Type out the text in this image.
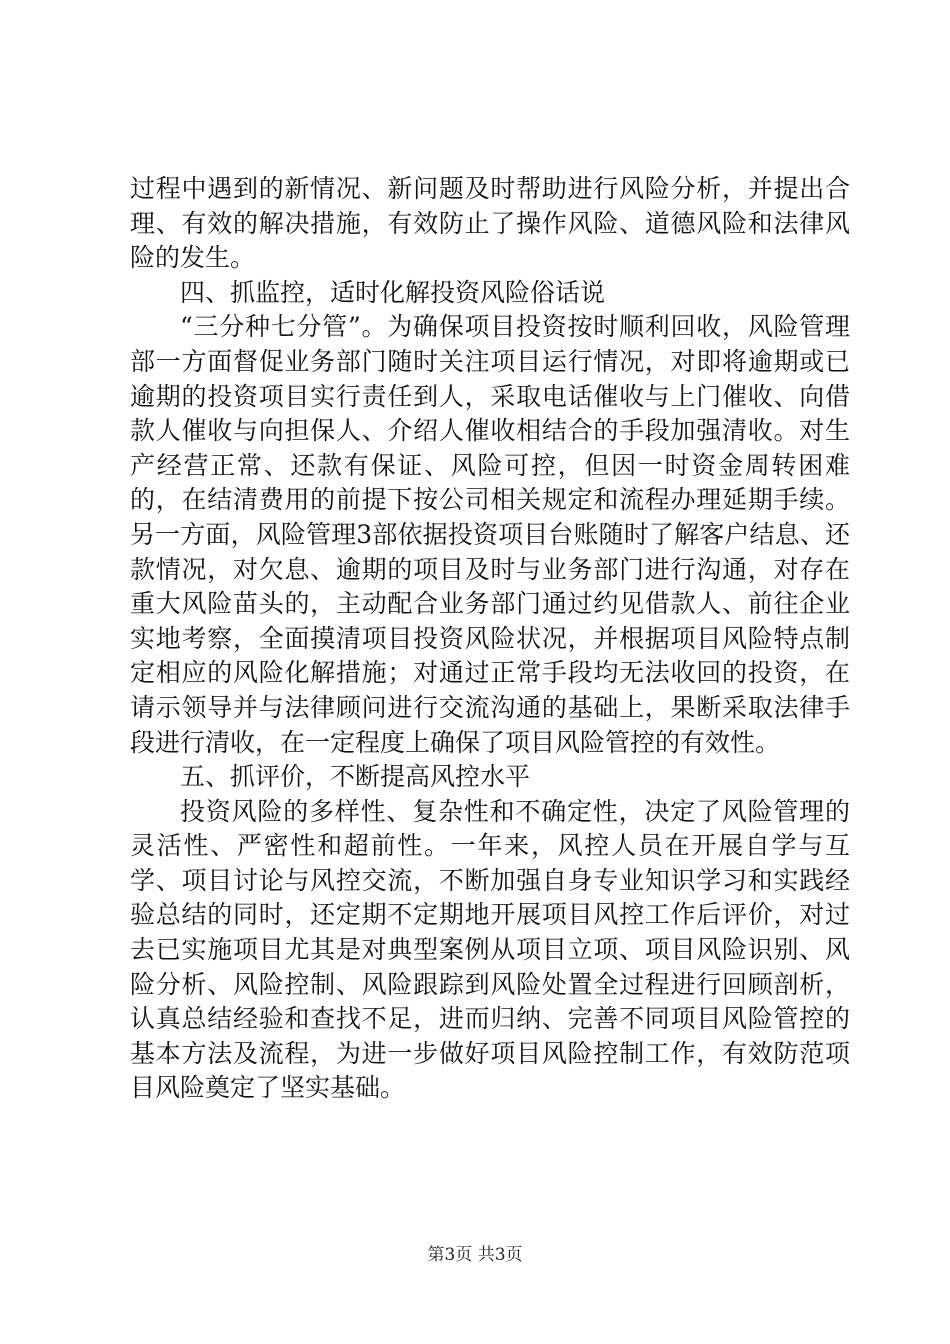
过程中遇到的新情况、新问题及时帮助进行风险分析，并提出合理、有效的解决措施，有效防止了操作风险、道德风险和法律风险的发生。

四、抓监控，适时化解投资风险俗话说

“三分种七分管”。为确保项目投资按时顺利回收，风险管理部一方面督促业务部门随时关注项目运行情况，对即将逾期或已逾期的投资项目实行责任到人，采取电话催收与上门催收、向借款人催收与向担保人、介绍人催收相结合的手段加强清收。对生产经营正常、还款有保证、风险可控，但因一时资金周转困难的，在结清费用的前提下按公司相关规定和流程办理延期手续。另一方面，风险管理3部依据投资项目台账随时了解客户结息、还款情况，对欠息、逾期的项目及时与业务部门进行沟通，对存在重大风险苗头的，主动配合业务部门通过约见借款人、前往企业实地考察，全面摸清项目投资风险状况，并根据项目风险特点制定相应的风险化解措施；对通过正常手段均无法收回的投资，在请示领导并与法律顾问进行交流沟通的基础上，果断采取法律手段进行清收，在一定程度上确保了项目风险管控的有效性。

五、抓评价，不断提高风控水平

投资风险的多样性、复杂性和不确定性，决定了风险管理的灵活性、严密性和超前性。一年来，风控人员在开展自学与互学、项目讨论与风控交流，不断加强自身专业知识学习和实践经验总结的同时，还定期不定期地开展项目风控工作后评价，对过去已实施项目尤其是对典型案例从项目立项、项目风险识别、风险分析、风险控制、风险跟踪到风险处置全过程进行回顾剖析，认真总结经验和查找不足，进而归纳、完善不同项目风险管控的基本方法及流程，为进一步做好项目风险控制工作，有效防范项目风险奠定了坚实基础。

第3页 共3页
